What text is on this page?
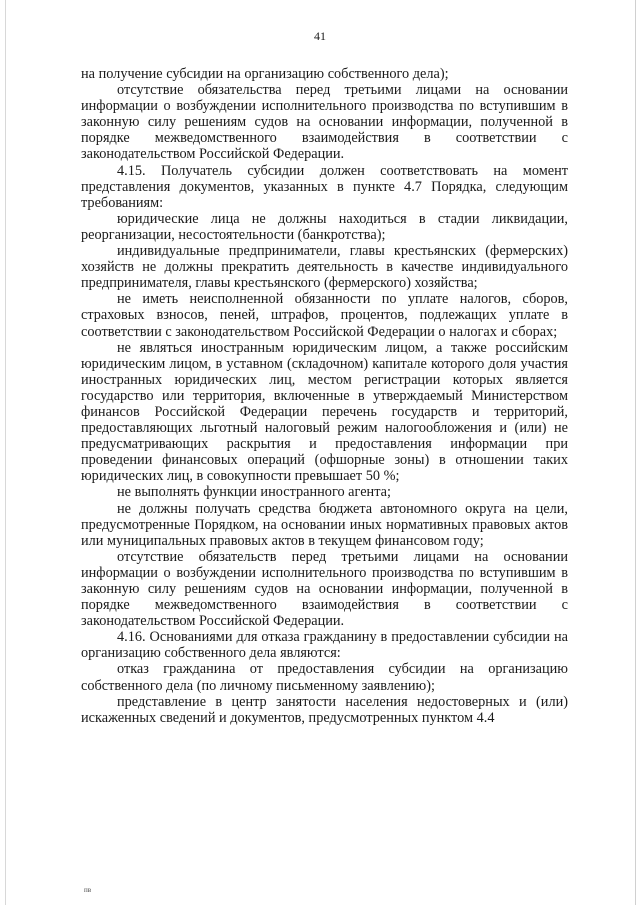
41

на получение субсидии на организацию собственного дела);

отсутствие обязательства перед третьими лицами на основании информации о возбуждении исполнительного производства по вступившим в законную силу решениям судов на основании информации, полученной в порядке межведомственного взаимодействия в соответствии с законодательством Российской Федерации.

4.15. Получатель субсидии должен соответствовать на момент представления документов, указанных в пункте 4.7 Порядка, следующим требованиям:

юридические лица не должны находиться в стадии ликвидации, реорганизации, несостоятельности (банкротства);

индивидуальные предприниматели, главы крестьянских (фермерских) хозяйств не должны прекратить деятельность в качестве индивидуального предпринимателя, главы крестьянского (фермерского) хозяйства;

не иметь неисполненной обязанности по уплате налогов, сборов, страховых взносов, пеней, штрафов, процентов, подлежащих уплате в соответствии с законодательством Российской Федерации о налогах и сборах;

не являться иностранным юридическим лицом, а также российским юридическим лицом, в уставном (складочном) капитале которого доля участия иностранных юридических лиц, местом регистрации которых является государство или территория, включенные в утверждаемый Министерством финансов Российской Федерации перечень государств и территорий, предоставляющих льготный налоговый режим налогообложения и (или) не предусматривающих раскрытия и предоставления информации при проведении финансовых операций (офшорные зоны) в отношении таких юридических лиц, в совокупности превышает 50 %;

не выполнять функции иностранного агента;

не должны получать средства бюджета автономного округа на цели, предусмотренные Порядком, на основании иных нормативных правовых актов или муниципальных правовых актов в текущем финансовом году;

отсутствие обязательств перед третьими лицами на основании информации о возбуждении исполнительного производства по вступившим в законную силу решениям судов на основании информации, полученной в порядке межведомственного взаимодействия в соответствии с законодательством Российской Федерации.

4.16. Основаниями для отказа гражданину в предоставлении субсидии на организацию собственного дела являются:

отказ гражданина от предоставления субсидии на организацию собственного дела (по личному письменному заявлению);

представление в центр занятости населения недостоверных и (или) искаженных сведений и документов, предусмотренных пунктом 4.4

пв
